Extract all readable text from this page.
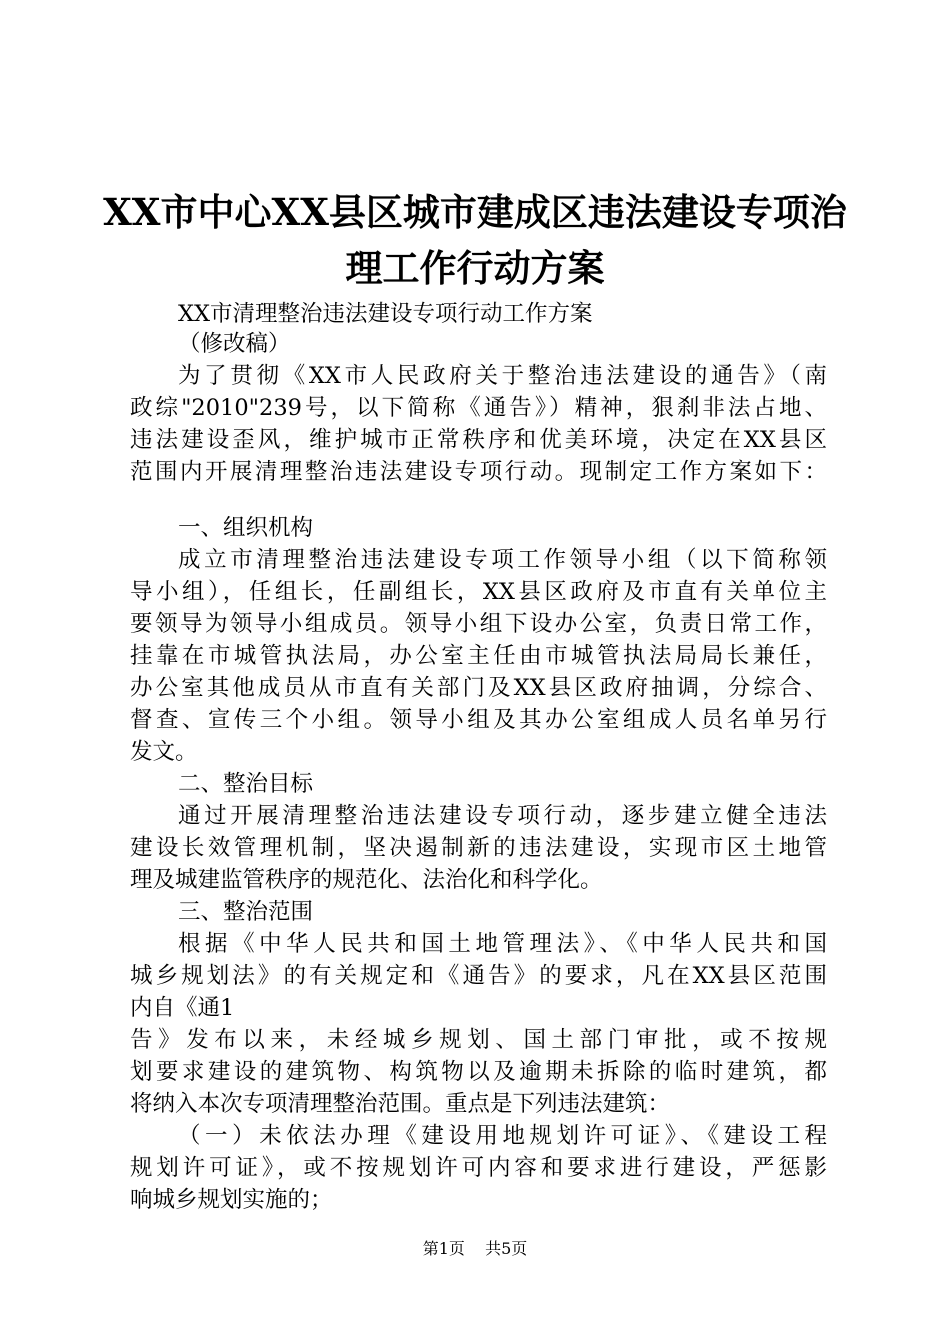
XX市中心XX县区城市建成区违法建设专项治
理工作行动方案

XX市清理整治违法建设专项行动工作方案

（修改稿）

为了贯彻《XX市人民政府关于整治违法建设的通告》（南

政综"2010"239号，以下简称《通告》）精神，狠刹非法占地、

违法建设歪风，维护城市正常秩序和优美环境，决定在XX县区

范围内开展清理整治违法建设专项行动。现制定工作方案如下：

一、组织机构

成立市清理整治违法建设专项工作领导小组（以下简称领

导小组），任组长，任副组长，XX县区政府及市直有关单位主

要领导为领导小组成员。领导小组下设办公室，负责日常工作，

挂靠在市城管执法局，办公室主任由市城管执法局局长兼任，

办公室其他成员从市直有关部门及XX县区政府抽调，分综合、

督查、宣传三个小组。领导小组及其办公室组成人员名单另行

发文。

二、整治目标

通过开展清理整治违法建设专项行动，逐步建立健全违法

建设长效管理机制，坚决遏制新的违法建设，实现市区土地管

理及城建监管秩序的规范化、法治化和科学化。

三、整治范围

根据《中华人民共和国土地管理法》、《中华人民共和国

城乡规划法》的有关规定和《通告》的要求，凡在XX县区范围

内自《通1

告》发布以来，未经城乡规划、国土部门审批，或不按规

划要求建设的建筑物、构筑物以及逾期未拆除的临时建筑，都

将纳入本次专项清理整治范围。重点是下列违法建筑：

（一）未依法办理《建设用地规划许可证》、《建设工程

规划许可证》，或不按规划许可内容和要求进行建设，严惩影

响城乡规划实施的；

第1页 共5页
